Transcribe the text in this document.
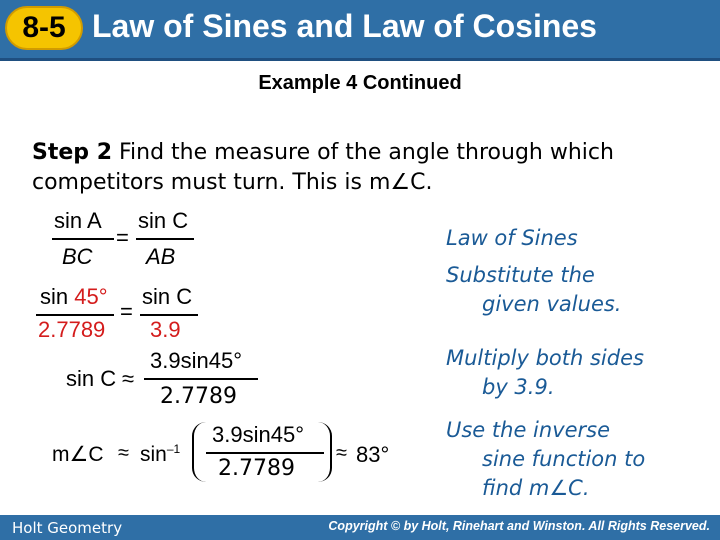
8-5 Law of Sines and Law of Cosines
Example 4 Continued
Step 2 Find the measure of the angle through which competitors must turn. This is m∠C.
sin A
BC
=
sin C
AB
sin 45°
2.7789
=
sin C
3.9
sin C ≈
3.9sin45°
2.7789
m∠C ≈ $\sin^{-1}$
3.9sin45°
2.7789
≈ 83°
Law of Sines
Substitute the
given values.
Multiply both sides
by 3.9.
Use the inverse
sine function to
find m∠C.
Holt Geometry	Copyright © by Holt, Rinehart and Winston. All Rights Reserved.
